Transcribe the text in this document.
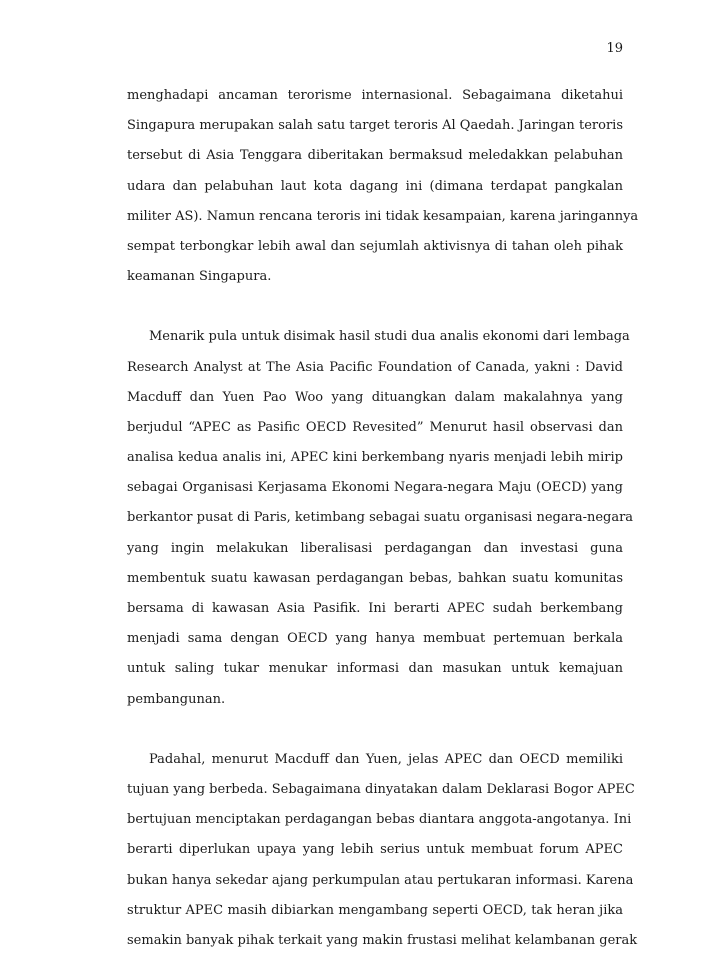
19
menghadapi ancaman terorisme internasional. Sebagaimana diketahui
Singapura merupakan salah satu target teroris Al Qaedah. Jaringan teroris
tersebut di Asia Tenggara diberitakan bermaksud meledakkan pelabuhan
udara dan pelabuhan laut kota dagang ini (dimana terdapat pangkalan
militer AS). Namun rencana teroris ini tidak kesampaian, karena jaringannya
sempat terbongkar lebih awal dan sejumlah aktivisnya di tahan oleh pihak
keamanan Singapura.
Menarik pula untuk disimak hasil studi dua analis ekonomi dari lembaga
Research Analyst at The Asia Pacific Foundation of Canada, yakni : David
Macduff dan Yuen Pao Woo yang dituangkan dalam makalahnya yang
berjudul “APEC as Pasific OECD Revesited” Menurut hasil observasi dan
analisa kedua analis ini, APEC kini berkembang nyaris menjadi lebih mirip
sebagai Organisasi Kerjasama Ekonomi Negara-negara Maju (OECD) yang
berkantor pusat di Paris, ketimbang sebagai suatu organisasi negara-negara
yang ingin melakukan liberalisasi perdagangan dan investasi guna
membentuk suatu kawasan perdagangan bebas, bahkan suatu komunitas
bersama di kawasan Asia Pasifik. Ini berarti APEC sudah berkembang
menjadi sama dengan OECD yang hanya membuat pertemuan berkala
untuk saling tukar menukar informasi dan masukan untuk kemajuan
pembangunan.
Padahal, menurut Macduff dan Yuen, jelas APEC dan OECD memiliki
tujuan yang berbeda. Sebagaimana dinyatakan dalam Deklarasi Bogor APEC
bertujuan menciptakan perdagangan bebas diantara anggota-angotanya. Ini
berarti diperlukan upaya yang lebih serius untuk membuat forum APEC
bukan hanya sekedar ajang perkumpulan atau pertukaran informasi. Karena
struktur APEC masih dibiarkan mengambang seperti OECD, tak heran jika
semakin banyak pihak terkait yang makin frustasi melihat kelambanan gerak
